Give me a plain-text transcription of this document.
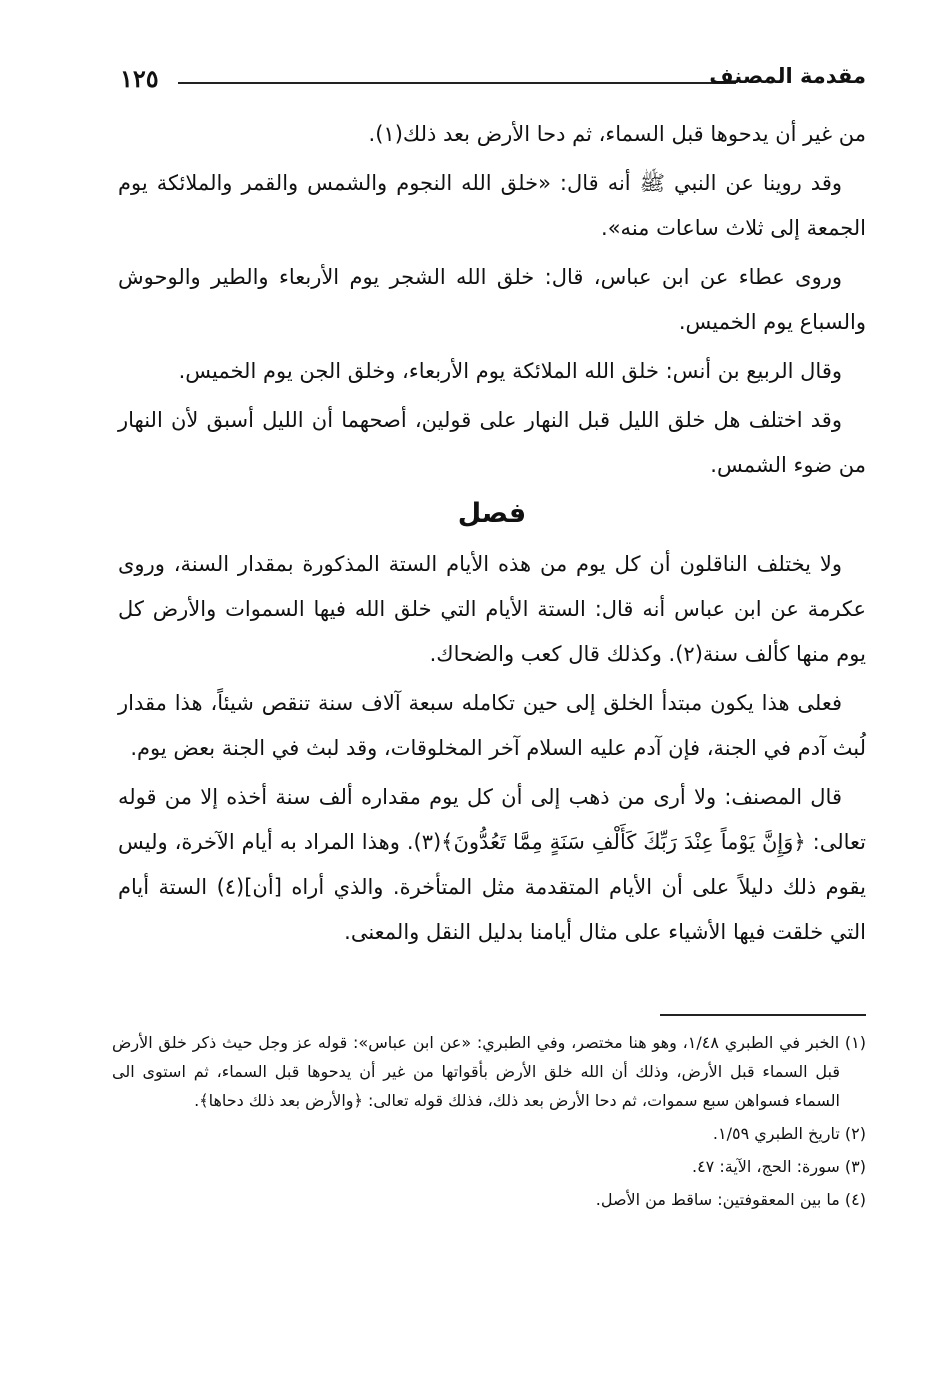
١٢٥	مقدمة المصنف

من غير أن يدحوها قبل السماء، ثم دحا الأرض بعد ذلك(١).

وقد روينا عن النبي ﷺ أنه قال: «خلق الله النجوم والشمس والقمر والملائكة يوم الجمعة إلى ثلاث ساعات منه».

وروى عطاء عن ابن عباس، قال: خلق الله الشجر يوم الأربعاء والطير والوحوش والسباع يوم الخميس.

وقال الربيع بن أنس: خلق الله الملائكة يوم الأربعاء، وخلق الجن يوم الخميس.

وقد اختلف هل خلق الليل قبل النهار على قولين، أصحهما أن الليل أسبق لأن النهار من ضوء الشمس.

فصل

ولا يختلف الناقلون أن كل يوم من هذه الأيام الستة المذكورة بمقدار السنة، وروى عكرمة عن ابن عباس أنه قال: الستة الأيام التي خلق الله فيها السموات والأرض كل يوم منها كألف سنة(٢). وكذلك قال كعب والضحاك.

فعلى هذا يكون مبتدأ الخلق إلى حين تكامله سبعة آلاف سنة تنقص شيئاً، هذا مقدار لُبث آدم في الجنة، فإن آدم عليه السلام آخر المخلوقات، وقد لبث في الجنة بعض يوم.

قال المصنف: ولا أرى من ذهب إلى أن كل يوم مقداره ألف سنة أخذه إلا من قوله تعالى: ﴿وَإِنَّ يَوْماً عِنْدَ رَبِّكَ كَأَلْفِ سَنَةٍ مِمَّا تَعُدُّونَ﴾(٣). وهذا المراد به أيام الآخرة، وليس يقوم ذلك دليلاً على أن الأيام المتقدمة مثل المتأخرة. والذي أراه [أن](٤) الستة أيام التي خلقت فيها الأشياء على مثال أيامنا بدليل النقل والمعنى.

(١) الخبر في الطبري ١/٤٨، وهو هنا مختصر، وفي الطبري: «عن ابن عباس»: قوله عز وجل حيث ذكر خلق الأرض قبل السماء قبل الأرض، وذلك أن الله خلق الأرض بأقواتها من غير أن يدحوها قبل السماء، ثم استوى الى السماء فسواهن سبع سموات، ثم دحا الأرض بعد ذلك، فذلك قوله تعالى: ﴿والأرض بعد ذلك دحاها﴾.
(٢) تاريخ الطبري ١/٥٩.
(٣) سورة: الحج، الآية: ٤٧.
(٤) ما بين المعقوفتين: ساقط من الأصل.
